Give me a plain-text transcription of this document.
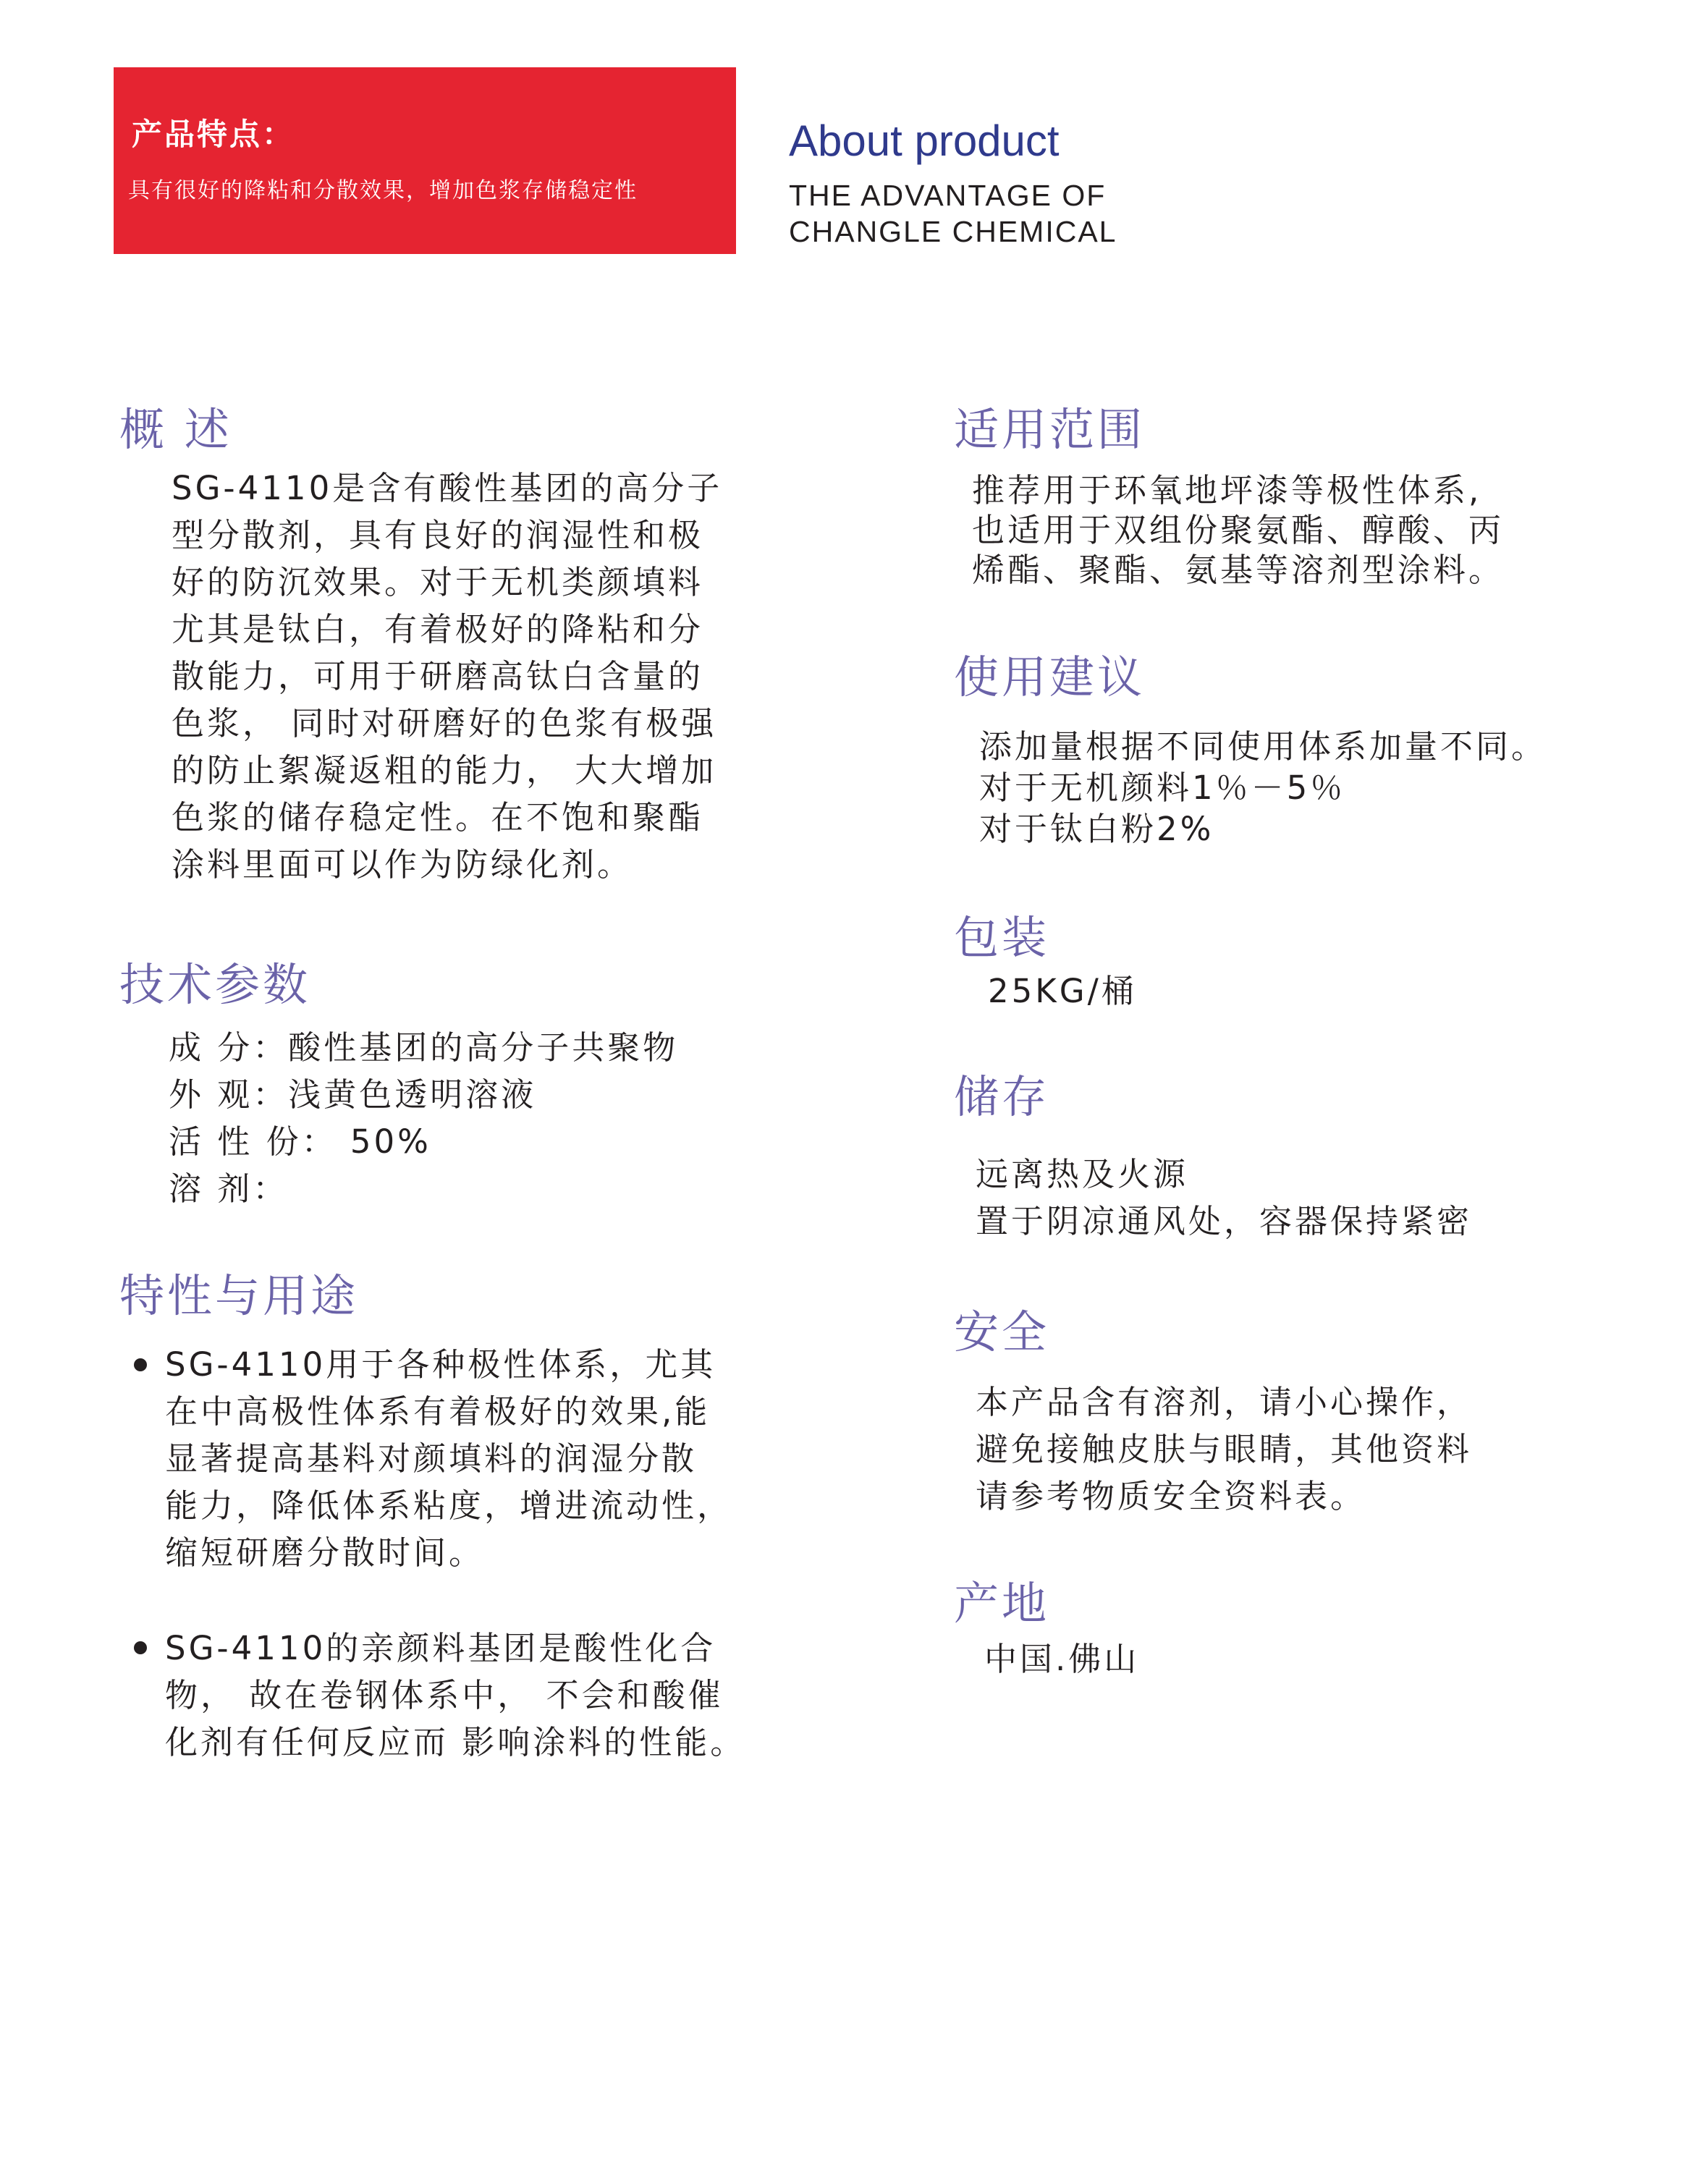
产品特点：
具有很好的降粘和分散效果，增加色浆存储稳定性
About product
THE ADVANTAGE OF
CHANGLE CHEMICAL
概 述
SG-4110是含有酸性基团的高分子
型分散剂，具有良好的润湿性和极
好的防沉效果。对于无机类颜填料
尤其是钛白，有着极好的降粘和分
散能力，可用于研磨高钛白含量的
色浆， 同时对研磨好的色浆有极强
的防止絮凝返粗的能力， 大大增加
色浆的储存稳定性。在不饱和聚酯
涂料里面可以作为防绿化剂。
技术参数
成 分：酸性基团的高分子共聚物
外 观：浅黄色透明溶液
活 性 份： 50%
溶 剂：
特性与用途
SG-4110用于各种极性体系，尤其
在中高极性体系有着极好的效果,能
显著提高基料对颜填料的润湿分散
能力，降低体系粘度，增进流动性，
缩短研磨分散时间。
SG-4110的亲颜料基团是酸性化合
物， 故在卷钢体系中， 不会和酸催
化剂有任何反应而 影响涂料的性能。
适用范围
推荐用于环氧地坪漆等极性体系,
也适用于双组份聚氨酯、醇酸、丙
烯酯、聚酯、氨基等溶剂型涂料。
使用建议
添加量根据不同使用体系加量不同。
对于无机颜料1％－5％
对于钛白粉2%
包装
25KG/桶
储存
远离热及火源
置于阴凉通风处，容器保持紧密
安全
本产品含有溶剂，请小心操作，
避免接触皮肤与眼睛，其他资料
请参考物质安全资料表。
产地
中国.佛山
